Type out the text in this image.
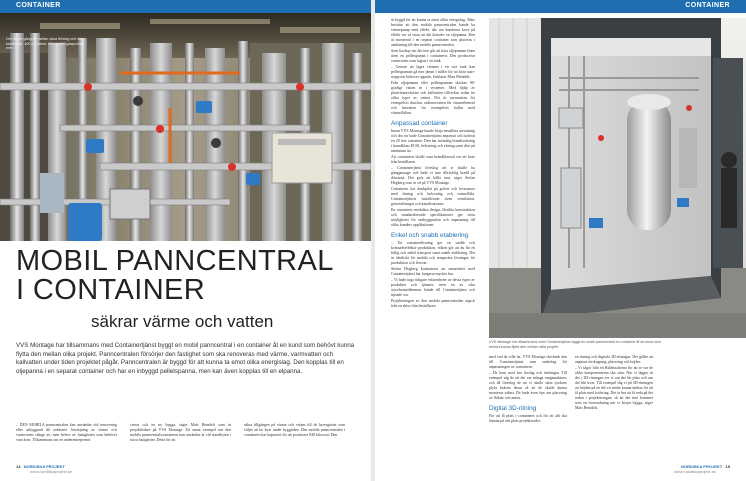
CONTAINER
Det var en gång ett mellan stora företag och ett klartecken, 400 x 4 paket, 500 till 500 gaspunkter mer.
MOBIL PANNCENTRAL
I CONTAINER
säkrar värme och vatten
VVS Montage har tillsammans med Containertjänst byggt en mobil panncentral i en container åt en kund som behövt kunna flytta den mellan olika projekt. Panncentralen försörjer den fastighet som ska renoveras med värme, varmvatten och kallvatten under tiden projektet pågår. Panncentralen är byggd för att kunna ta emot olika energislag. Den kopplas till en oljepanna i en separat container och har en inbyggd pelletspanna, men kan även kopplas till en elpanna.
– DEN MOBILA panncentralen kan användas vid renovering eller utbyggnad då ordinarie försörjning av värme och varmvatten stängs av, men behov av fastigheten som behöver vara kvar. Tillsammans om en underentreprenör
ciesas och en ny bygga, säger Mats Beindelt som är projektledare på VVS Montage. Ett annat exempel när den mobila panncentralscontainern kan användas är vid standbyten i stora fastigheter. Detta för att
säkra tillgången på värme och vatten till de hyresgäster som väljer att bo kvar under byggtiden. Den mobila panncentralen i containern har kapacitet för att producera 840 kilowatt. Den
14 NORDISKA PROJEKT
www.nordiskaprojekt.se
CONTAINER

är byggd för att kunna ta emot olika energislag. Mats berättar att den mobila panncentralen kunde ha värmepump med effekt, där om kunderna kove på effekt var så stora att det krävdes en oljepanna. Den är monterad i en separat container som placeras i anslutning till den mobila panncentralen.

Som backup om det inte går att köra oljepannan finns även en pelletspanna i containern. Den producerar varmvatten som lagras i en tank.

– Genom att lagra värmen i en stor tank kan pelletspannan gå mer jämnt i stället för att köra start-stopp när behovet uppstår, förklarar Mats Beindelt.

Från oljepannan eller pelletspannan skickas 80-gradigt vatten in i systemet. Med hjälp av plattvärmeväxlare och kallvatten tillverkas sedan tre olika typer av vatten. Det är varmvatten för exempelvis duschar, radiatorvatten för värmeelement och hetvatten för exempelvis hallar med värmefläktar.

Anpassad container

Innan VVS Montage kunde börja installera utrustning och dra rör hade Containertjänst anpassat och isolerat en 20 fots container. Den har invändig brandisolering i brandklass EI 60, belysning och eluttag samt dörr på minimum tio.

Att containern skulle vara brandklassad var ett krav från beställaren.

– Containertjänst föreslog att vi skulle ha gångpassage och hade vi inte tillräcklig bredd på dörrarna. Det gick att hålla rent, säger Stefan Högberg som är vd på VVS Montage.

Containern har dunkpilat på golvet och leveranser med eluttag och belysning och varmefläkt. Containertjänsts installerade även ventilation, genomföringar och kanalisationer.

En containers modulära design, flexibla konstruktion och standardiserade specifikationer ger stora möjligheter för ombyggnation och anpassning till olika kunders applikationer.

Enkel och snabb etablering

– En containerlösning ger en snabb och kostnadseffektiv produktion, vilken gör att du får en billig och enkel transport samt snabb etablering. Det är idealiskt för mobila och temporära lösningar för produktion och försvar.

Stefan Högberg konstaterar att samarbetet med Containertjänst har fungerat mycket bra.

– Vi hade inga tidigare erfarenheter av dessa typer av produkter och tjänster, men en av våra styrelsemedlemmar kände till Containertjänst och tipsade oss.

Projekteringen av den mobila panncentralen utgick från en skiss från beställaren

VVS Montage har tillsammans med Containertjänst byggt en mobil panncentral en container åt en kund som behövt kunna flytta den mellan olika projekt.

med vad de ville ha. VVS Montage skickade den till Containertjänst som underlag för anpassningen av containern.

– De kom med bra förslag och ändringar. Till exempel såg de att det var många rungmaskiner, och då föreslog de att vi skulle sätta tjockare plyfa bakom dessa så att de skulle kunna monteras säkert. De hade även tips om placering av fläktar och annat.

Digital 3D-ritning

För att få plats i containern och för att allt ska hamna på rätt plats projekterades

en ritning och digitala 3D-ritningar. Det gäller att anpassa rördragning, placering och höjder.

– Vi sågör från ett Bildesscherna för att se var de olika komponenterna ska sitta. När vi lägger in det i 3D-ritningen ser vi om det får plats och om det blir kvar. Till exempel såg vi på 3D-ritningen att höjden på en del vir mötte kunna ändras för att få plats med isolering. Det är bra att få reda på det redan i projekteringen, så att det inte kommer som en överraskning när vi börjar bygga, säger Mats Beindelt.

NORDISKA PROJEKT 15
www.nordiskaprojekt.se
